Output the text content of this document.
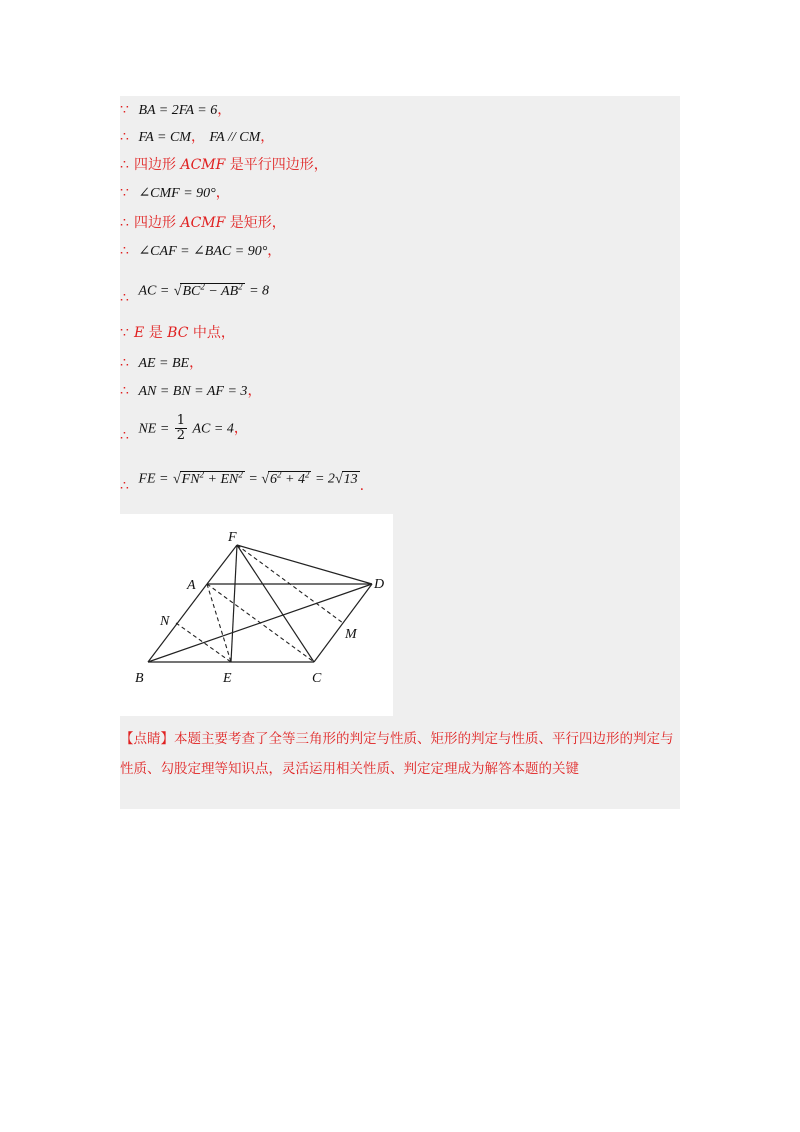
∵ BA = 2FA = 6，
∴ FA = CM， FA // CM，
∴ 四边形 ACMF 是平行四边形，
∵ ∠CMF = 90°，
∴ 四边形 ACMF 是矩形，
∴ ∠CAF = ∠BAC = 90°，
∴ AC = $√BC^2 - AB^2 = 8$
∵ E 是 BC 中点，
∴ AE = BE，
∴ AN = BN = AF = 3，
∴ NE = $\frac{1}{2}$ AC = 4，
∴ FE = $√FN^2 + EN^2 = √6^2 + 4^2 = 2√13$ .
F
A	D
N
M
B	E	C
【点睛】本题主要考查了全等三角形的判定与性质、矩形的判定与性质、平行四边形的判定与性质、勾股定理等知识点，灵活运用相关性质、判定定理成为解答本题的关键
